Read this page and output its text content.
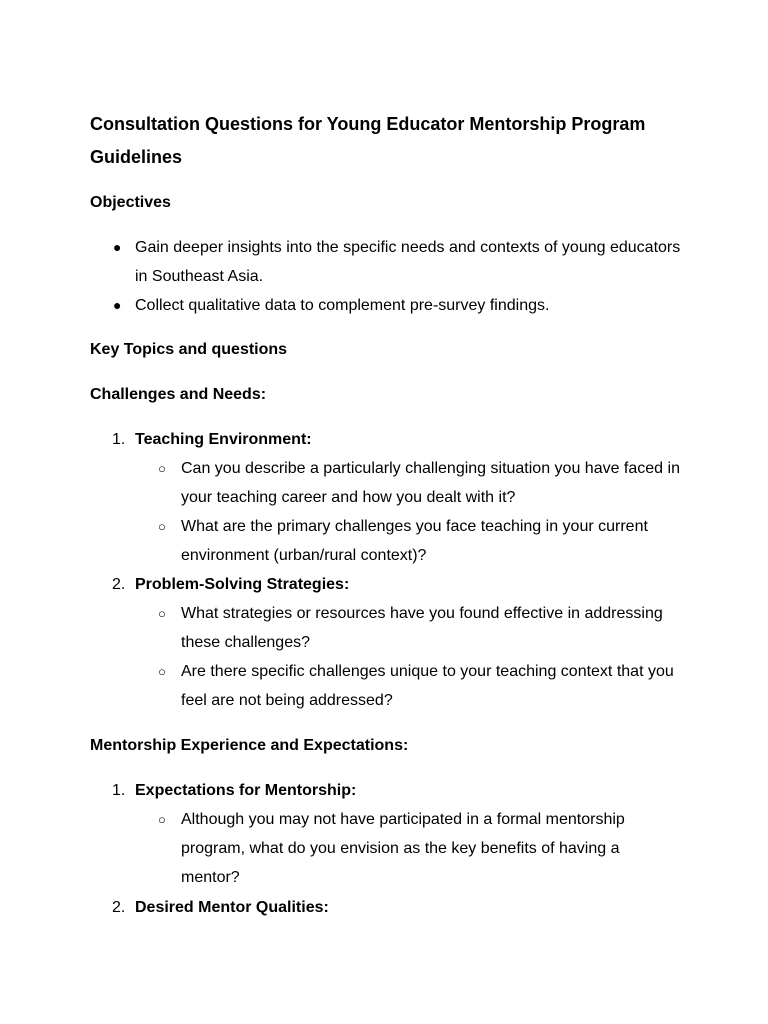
Consultation Questions for Young Educator Mentorship Program Guidelines
Objectives
● Gain deeper insights into the specific needs and contexts of young educators in Southeast Asia.
● Collect qualitative data to complement pre-survey findings.
Key Topics and questions
Challenges and Needs:
1. Teaching Environment:
○ Can you describe a particularly challenging situation you have faced in your teaching career and how you dealt with it?
○ What are the primary challenges you face teaching in your current environment (urban/rural context)?
2. Problem-Solving Strategies:
○ What strategies or resources have you found effective in addressing these challenges?
○ Are there specific challenges unique to your teaching context that you feel are not being addressed?
Mentorship Experience and Expectations:
1. Expectations for Mentorship:
○ Although you may not have participated in a formal mentorship program, what do you envision as the key benefits of having a mentor?
2. Desired Mentor Qualities:
